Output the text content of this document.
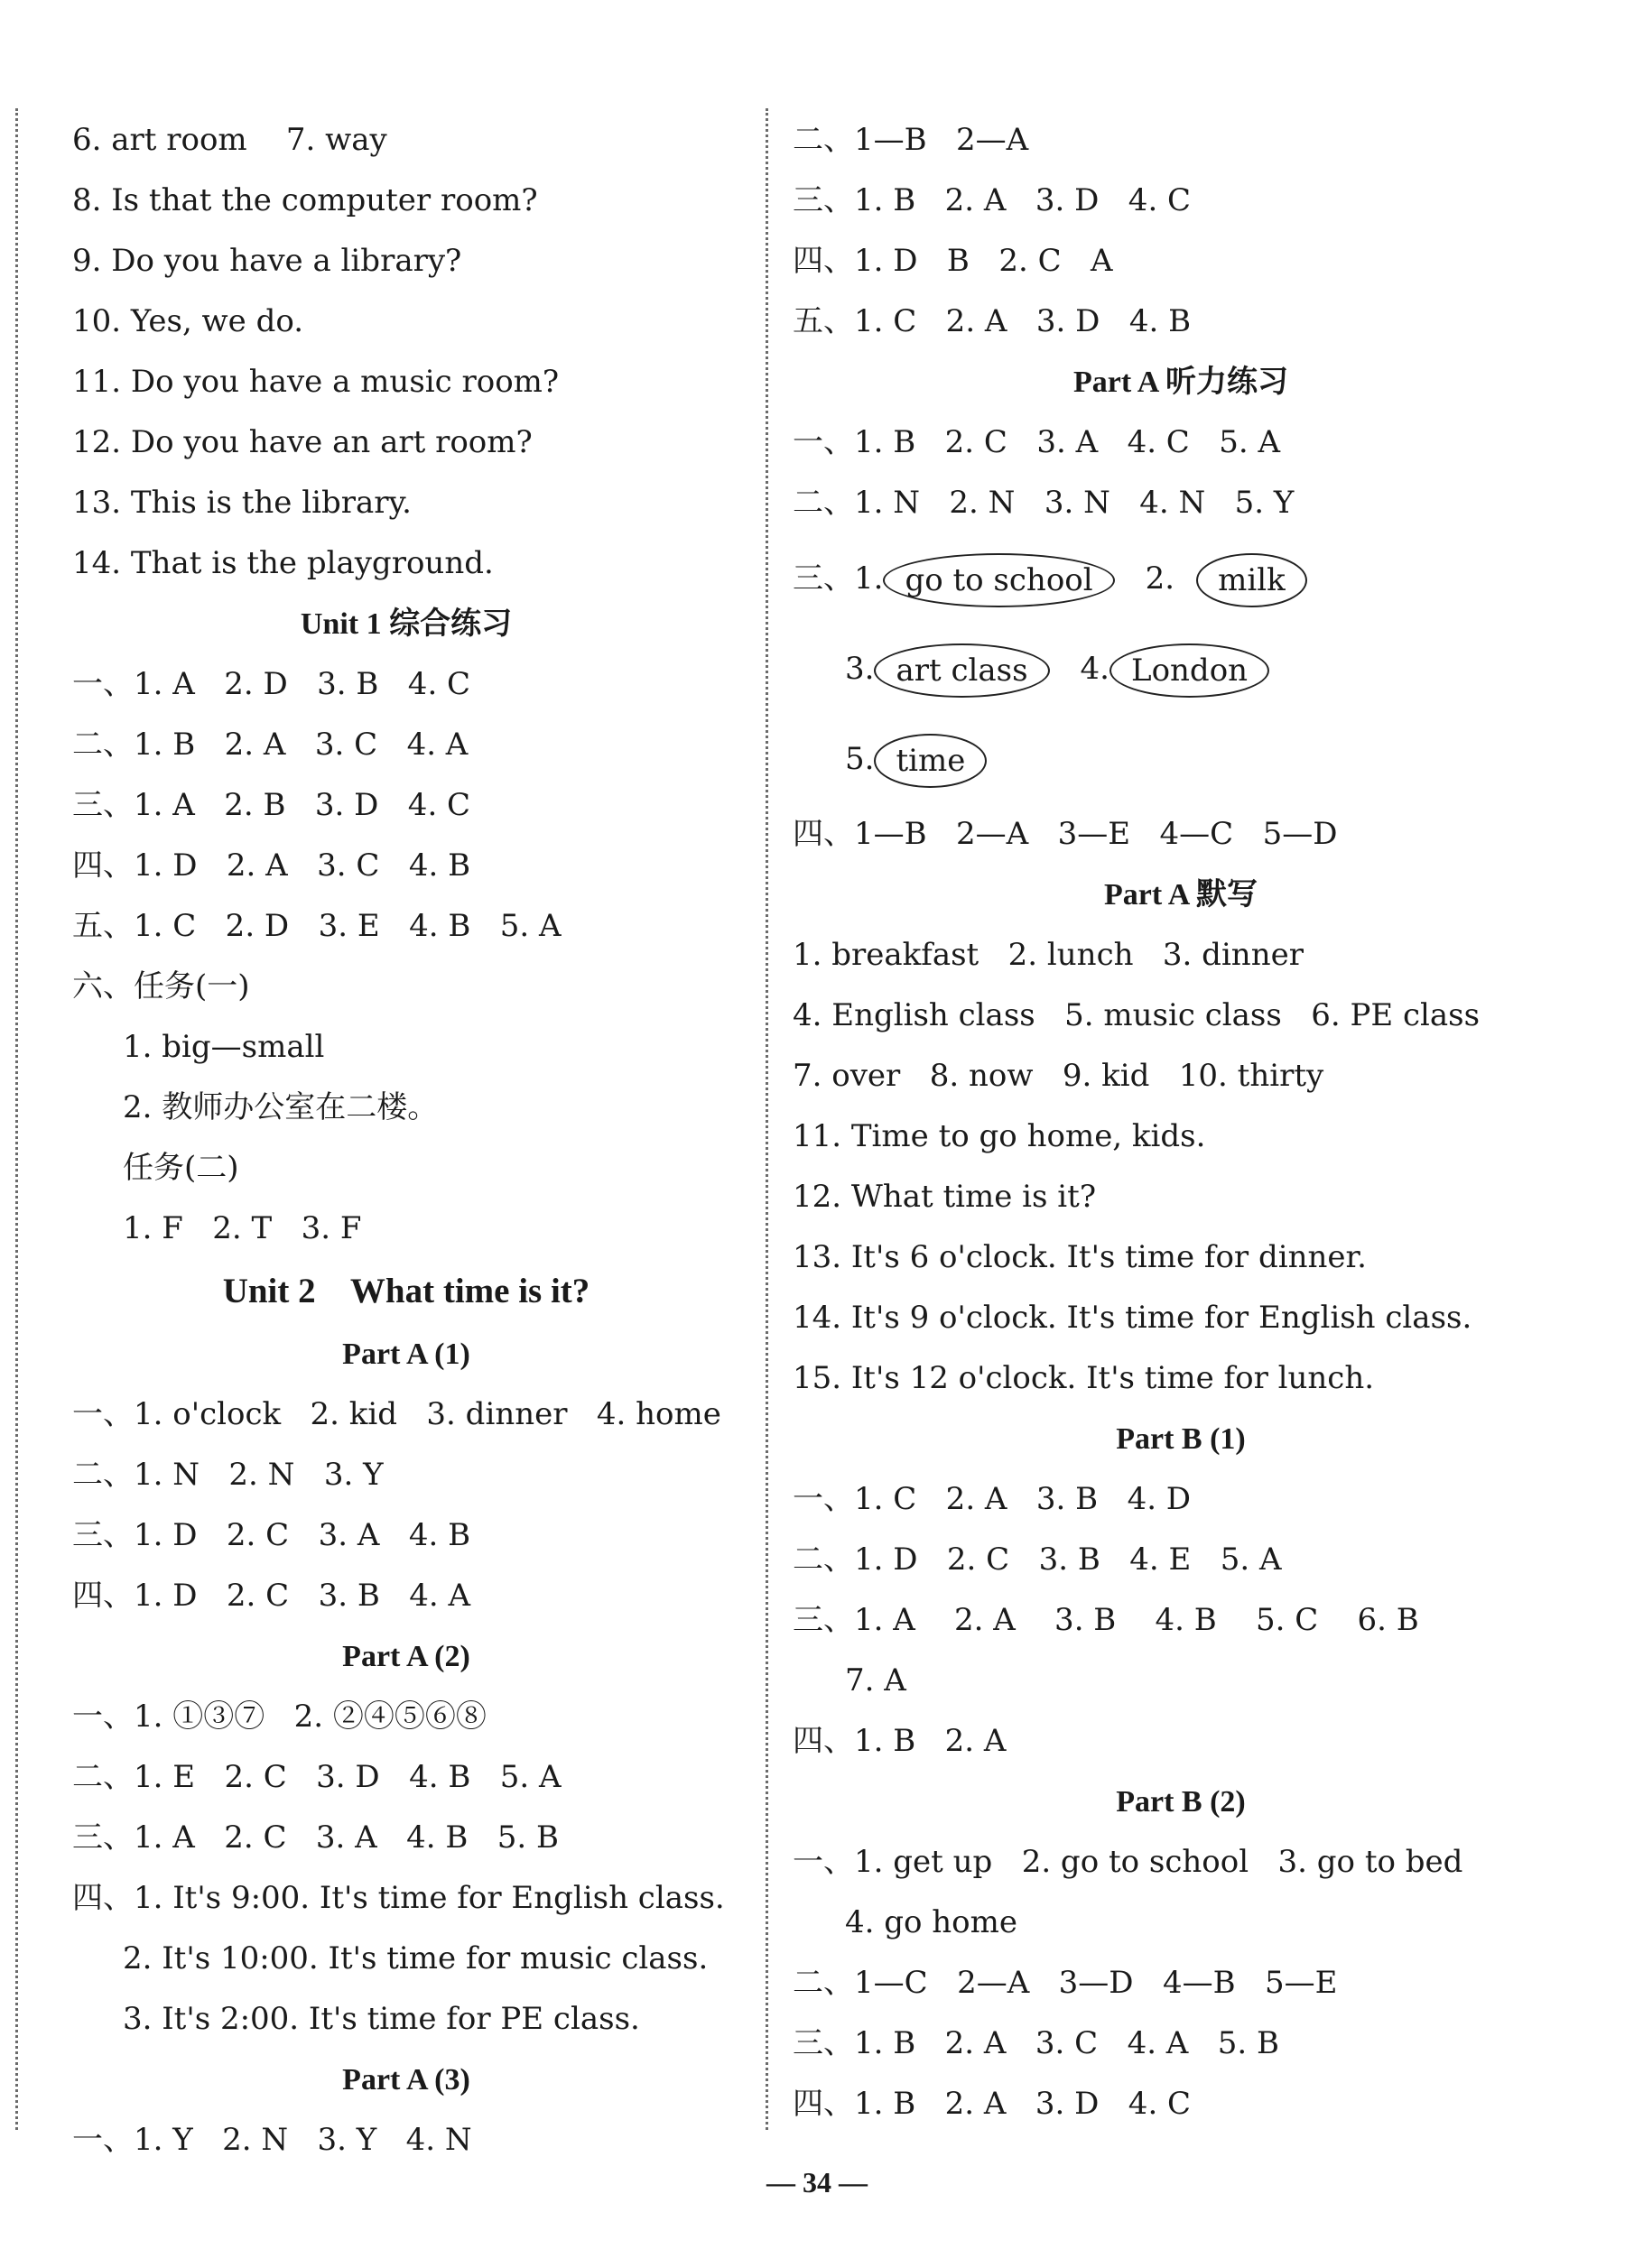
6. art room    7. way
8. Is that the computer room?
9. Do you have a library?
10. Yes, we do.
11. Do you have a music room?
12. Do you have an art room?
13. This is the library.
14. That is the playground.
Unit 1 综合练习
一、1. A   2. D   3. B   4. C
二、1. B   2. A   3. C   4. A
三、1. A   2. B   3. D   4. C
四、1. D   2. A   3. C   4. B
五、1. C   2. D   3. E   4. B   5. A
六、任务(一)
1. big—small
2. 教师办公室在二楼。
任务(二)
1. F   2. T   3. F
Unit 2    What time is it?
Part A (1)
一、1. o'clock   2. kid   3. dinner   4. home
二、1. N   2. N   3. Y
三、1. D   2. C   3. A   4. B
四、1. D   2. C   3. B   4. A
Part A (2)
一、1. ①③⑦   2. ②④⑤⑥⑧
二、1. E   2. C   3. D   4. B   5. A
三、1. A   2. C   3. A   4. B   5. B
四、1. It's 9:00. It's time for English class.
2. It's 10:00. It's time for music class.
3. It's 2:00. It's time for PE class.
Part A (3)
一、1. Y   2. N   3. Y   4. N
二、1—B   2—A
三、1. B   2. A   3. D   4. C
四、1. D   B   2. C   A
五、1. C   2. A   3. D   4. B
Part A 听力练习
一、1. B   2. C   3. A   4. C   5. A
二、1. N   2. N   3. N   4. N   5. Y
三、1. go to school 2. milk
3. art class 4. London
5. time
四、1—B   2—A   3—E   4—C   5—D
Part A 默写
1. breakfast   2. lunch   3. dinner
4. English class   5. music class   6. PE class
7. over   8. now   9. kid   10. thirty
11. Time to go home, kids.
12. What time is it?
13. It's 6 o'clock. It's time for dinner.
14. It's 9 o'clock. It's time for English class.
15. It's 12 o'clock. It's time for lunch.
Part B (1)
一、1. C   2. A   3. B   4. D
二、1. D   2. C   3. B   4. E   5. A
三、1. A    2. A    3. B    4. B    5. C    6. B
7. A
四、1. B   2. A
Part B (2)
一、1. get up   2. go to school   3. go to bed
4. go home
二、1—C   2—A   3—D   4—B   5—E
三、1. B   2. A   3. C   4. A   5. B
四、1. B   2. A   3. D   4. C
— 34 —
